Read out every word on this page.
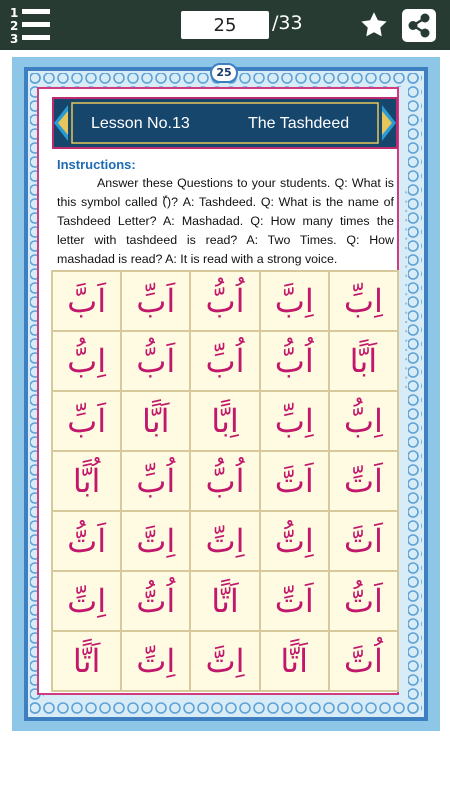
1
2
3
25
/33
• • • • • • • • • • • • • • • • • • • • • •
25
Lesson No.13	The Tashdeed
Instructions:
Answer these Questions to your students. Q: What is this symbol called (ّ)? A: Tashdeed. Q: What is the name of Tashdeed Letter? A: Mashadad. Q: How many times the letter with tashdeed is read? A: Two Times. Q: How mashadad is read? A: It is read with a strong voice.
اَبَّ اَبِّ اُبُّ اِبَّ اِبِّ
اِبُّ اَبُّ اُبِّ اُبُّ	اَبًّا
اَبِّ	اَبًّا	اِبًّا	اِبِّ اِبُّ
اُبًّا	اُبِّ اُبُّ اَتَّ اَتِّ
اَتُّ اِتَّ اِتِّ اِتُّ اَتَّ
اِتِّ اُتُّ	اَتًّا	اَتِّ اَتُّ
اَتًّا	اِتِّ اِتَّ	اَتًّا	اُتَّ
